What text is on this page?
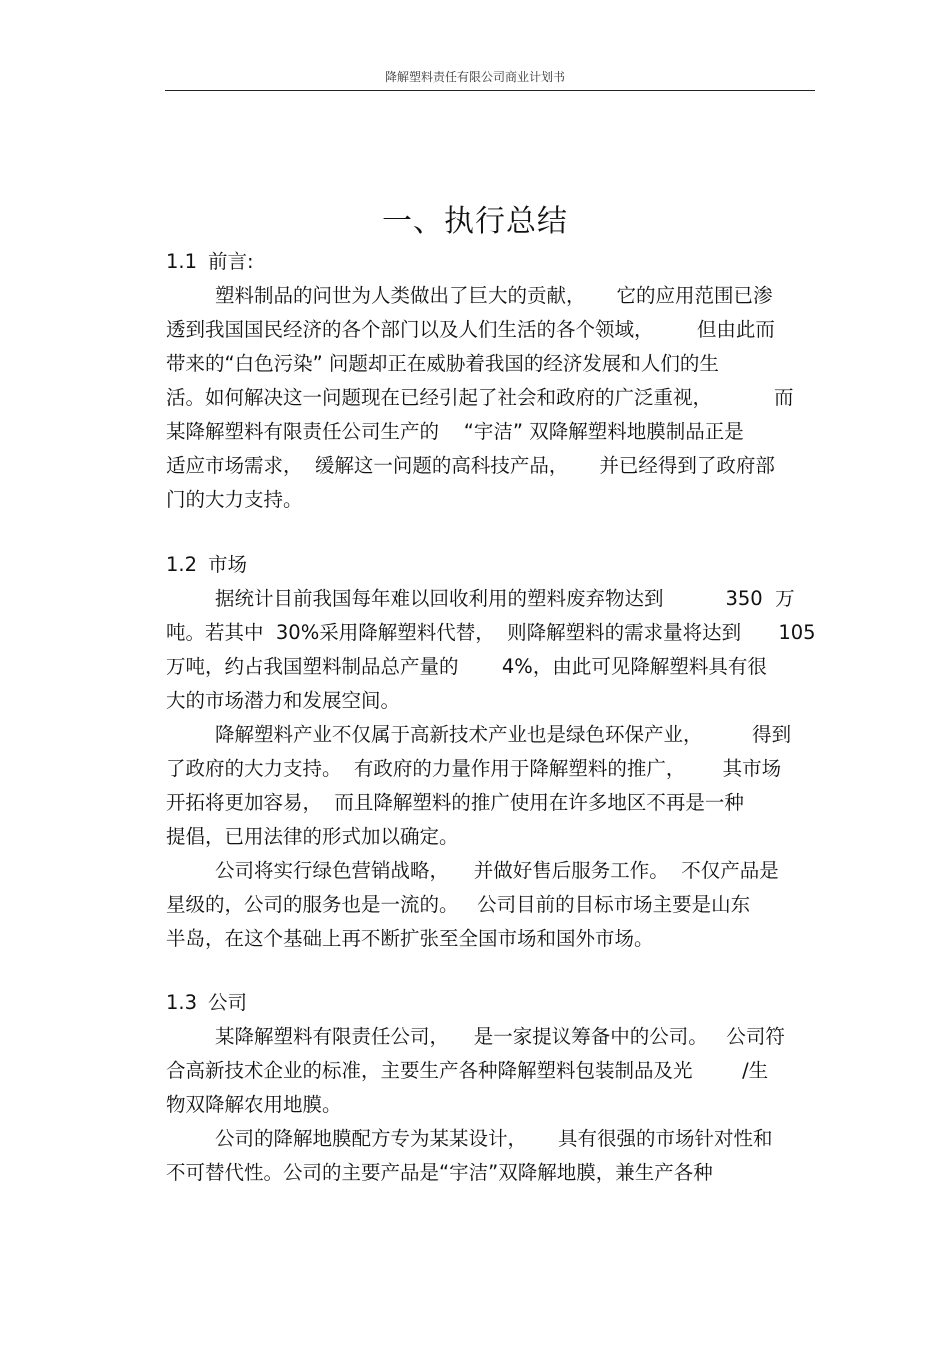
降解塑料责任有限公司商业计划书
一、执行总结
1.1 前言:
塑料制品的问世为人类做出了巨大的贡献，     它的应用范围已渗
透到我国国民经济的各个部门以及人们生活的各个领域，       但由此而
带来的“白色污染” 问题却正在威胁着我国的经济发展和人们的生
活。如何解决这一问题现在已经引起了社会和政府的广泛重视，          而
某降解塑料有限责任公司生产的    “宇洁” 双降解塑料地膜制品正是
适应市场需求，  缓解这一问题的高科技产品，     并已经得到了政府部
门的大力支持。
1.2 市场
据统计目前我国每年难以回收利用的塑料废弃物达到          350  万
吨。若其中  30%采用降解塑料代替，  则降解塑料的需求量将达到      105
万吨，约占我国塑料制品总产量的       4%，由此可见降解塑料具有很
大的市场潜力和发展空间。
降解塑料产业不仅属于高新技术产业也是绿色环保产业，        得到
了政府的大力支持。  有政府的力量作用于降解塑料的推广，      其市场
开拓将更加容易，  而且降解塑料的推广使用在许多地区不再是一种
提倡，已用法律的形式加以确定。
公司将实行绿色营销战略，    并做好售后服务工作。  不仅产品是
星级的，公司的服务也是一流的。   公司目前的目标市场主要是山东
半岛，在这个基础上再不断扩张至全国市场和国外市场。
1.3 公司
某降解塑料有限责任公司，    是一家提议筹备中的公司。   公司符
合高新技术企业的标准，主要生产各种降解塑料包装制品及光        /生
物双降解农用地膜。
公司的降解地膜配方专为某某设计，     具有很强的市场针对性和
不可替代性。公司的主要产品是“宇洁”双降解地膜，兼生产各种
